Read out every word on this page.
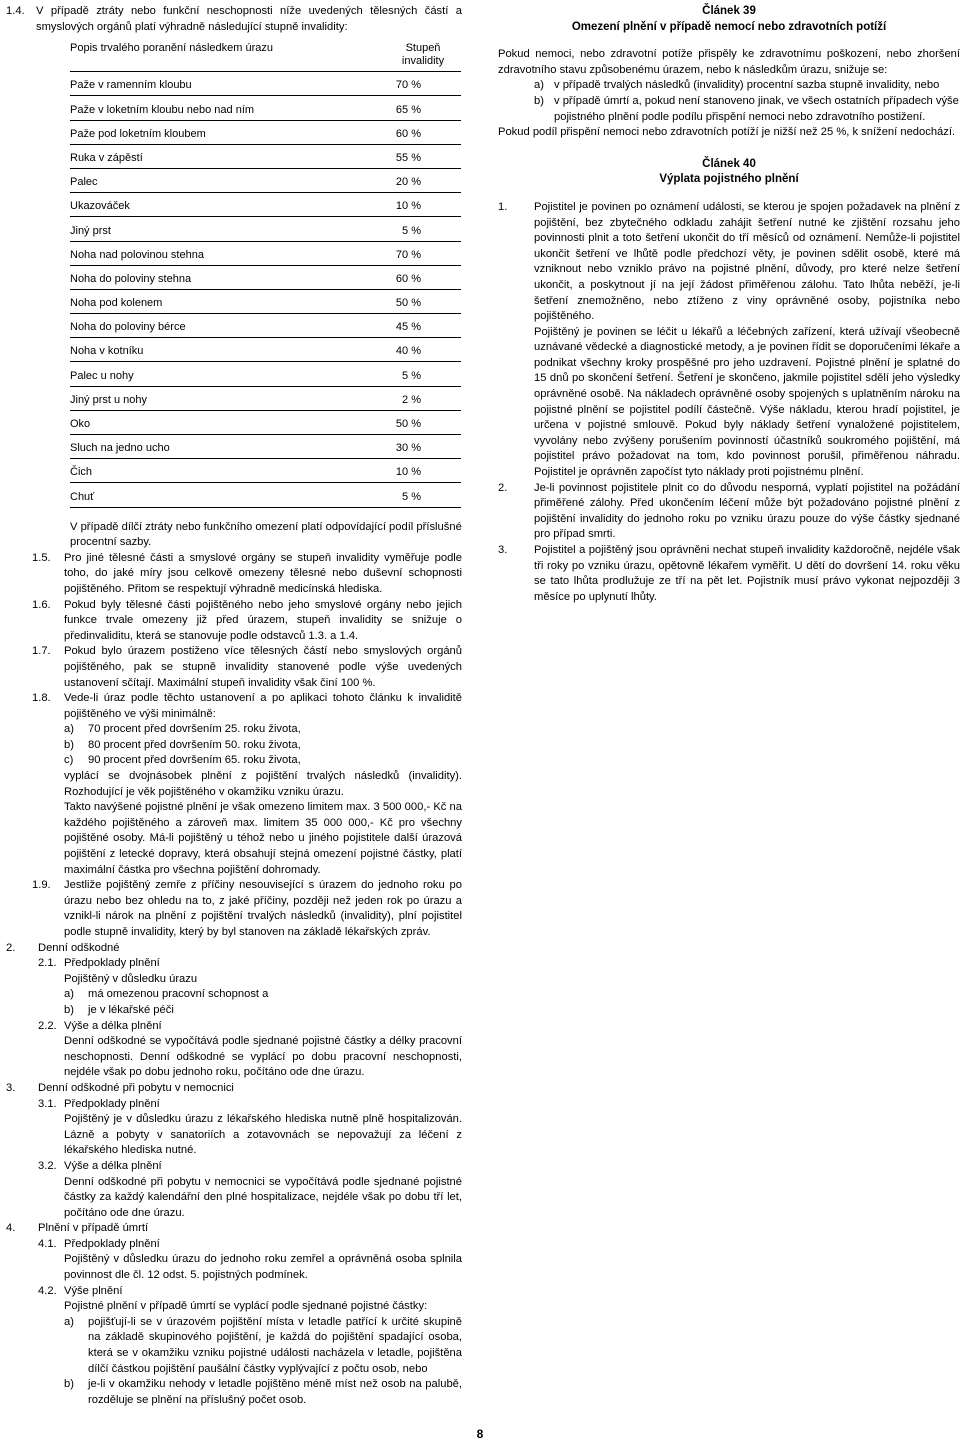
1.4.	V případě ztráty nebo funkční neschopnosti níže uvedených tělesných částí a smyslových orgánů platí výhradně následující stupně invalidity:
Popis trvalého poranění následkem úrazu	Stupeň invalidity
Paže v ramenním kloubu	70 %
Paže v loketním kloubu nebo nad ním	65 %
Paže pod loketním kloubem	60 %
Ruka v zápěstí	55 %
Palec	20 %
Ukazováček	10 %
Jiný prst	5 %
Noha nad polovinou stehna	70 %
Noha do poloviny stehna	60 %
Noha pod kolenem	50 %
Noha do poloviny bérce	45 %
Noha v kotníku	40 %
Palec u nohy	5 %
Jiný prst u nohy	2 %
Oko	50 %
Sluch na jedno ucho	30 %
Čich	10 %
Chuť	5 %

V případě dílčí ztráty nebo funkčního omezení platí odpovídající podíl příslušné procentní sazby.

1.5.	Pro jiné tělesné části a smyslové orgány se stupeň invalidity vyměřuje podle toho, do jaké míry jsou celkově omezeny tělesné nebo duševní schopnosti pojištěného. Přitom se respektují výhradně medicínská hlediska.
1.6.	Pokud byly tělesné části pojištěného nebo jeho smyslové orgány nebo jejich funkce trvale omezeny již před úrazem, stupeň invalidity se snižuje o předinvaliditu, která se stanovuje podle odstavců 1.3. a 1.4.
1.7.	Pokud bylo úrazem postiženo více tělesných částí nebo smyslových orgánů pojištěného, pak se stupně invalidity stanovené podle výše uvedených ustanovení sčítají. Maximální stupeň invalidity však činí 100 %.
1.8.	Vede-li úraz podle těchto ustanovení a po aplikaci tohoto článku k invaliditě pojištěného ve výši minimálně:
a)	70 procent před dovršením 25. roku života,
b)	80 procent před dovršením 50. roku života,
c)	90 procent před dovršením 65. roku života,
vyplácí se dvojnásobek plnění z pojištění trvalých následků (invalidity). Rozhodující je věk pojištěného v okamžiku vzniku úrazu.
Takto navýšené pojistné plnění je však omezeno limitem max. 3 500 000,- Kč na každého pojištěného a zároveň max. limitem 35 000 000,- Kč pro všechny pojištěné osoby. Má-li pojištěný u téhož nebo u jiného pojistitele další úrazová pojištění z letecké dopravy, která obsahují stejná omezení pojistné částky, platí maximální částka pro všechna pojištění dohromady.
1.9.	Jestliže pojištěný zemře z příčiny nesouvisející s úrazem do jednoho roku po úrazu nebo bez ohledu na to, z jaké příčiny, později než jeden rok po úrazu a vznikl-li nárok na plnění z pojištění trvalých následků (invalidity), plní pojistitel podle stupně invalidity, který by byl stanoven na základě lékařských zpráv.
2.	Denní odškodné
2.1. Předpoklady plnění
Pojištěný v důsledku úrazu
a)	má omezenou pracovní schopnost a
b)	je v lékařské péči
2.2. Výše a délka plnění
Denní odškodné se vypočítává podle sjednané pojistné částky a délky pracovní neschopnosti. Denní odškodné se vyplácí po dobu pracovní neschopnosti, nejdéle však po dobu jednoho roku, počítáno ode dne úrazu.
3.	Denní odškodné při pobytu v nemocnici
3.1. Předpoklady plnění
Pojištěný je v důsledku úrazu z lékařského hlediska nutně plně hospitalizován. Lázně a pobyty v sanatoriích a zotavovnách se nepovažují za léčení z lékařského hlediska nutné.
3.2. Výše a délka plnění
Denní odškodné při pobytu v nemocnici se vypočítává podle sjednané pojistné částky za každý kalendářní den plné hospitalizace, nejdéle však po dobu tří let, počítáno ode dne úrazu.
4.	Plnění v případě úmrtí
4.1. Předpoklady plnění
Pojištěný v důsledku úrazu do jednoho roku zemřel a oprávněná osoba splnila povinnost dle čl. 12 odst. 5. pojistných podmínek.
4.2. Výše plnění
Pojistné plnění v případě úmrtí se vyplácí podle sjednané pojistné částky:
a)	pojišťují-li se v úrazovém pojištění místa v letadle patřící k určité skupině na základě skupinového pojištění, je každá do pojištění spadající osoba, která se v okamžiku vzniku pojistné události nacházela v letadle, pojištěna dílčí částkou pojištění paušální částky vyplývající z počtu osob, nebo
b)	je-li v okamžiku nehody v letadle pojištěno méně míst než osob na palubě, rozděluje se plnění na příslušný počet osob.
Článek 39
Omezení plnění v případě nemocí nebo zdravotních potíží

Pokud nemoci, nebo zdravotní potíže přispěly ke zdravotnímu poškození, nebo zhoršení zdravotního stavu způsobenému úrazem, nebo k následkům úrazu, snižuje se:

a) v případě trvalých následků (invalidity) procentní sazba stupně invalidity, nebo
b) v případě úmrtí a, pokud není stanoveno jinak, ve všech ostatních případech výše pojistného plnění podle podílu přispění nemoci nebo zdravotního postižení.

Pokud podíl přispění nemoci nebo zdravotních potíží je nižší než 25 %, k snížení nedochází.

Článek 40
Výplata pojistného plnění
1.	Pojistitel je povinen po oznámení události, se kterou je spojen požadavek na plnění z pojištění, bez zbytečného odkladu zahájit šetření nutné ke zjištění rozsahu jeho povinnosti plnit a toto šetření ukončit do tří měsíců od oznámení. Nemůže-li pojistitel ukončit šetření ve lhůtě podle předchozí věty, je povinen sdělit osobě, které má vzniknout nebo vzniklo právo na pojistné plnění, důvody, pro které nelze šetření ukončit, a poskytnout jí na její žádost přiměřenou zálohu. Tato lhůta neběží, je-li šetření znemožněno, nebo ztíženo z viny oprávněné osoby, pojistníka nebo pojištěného.
Pojištěný je povinen se léčit u lékařů a léčebných zařízení, která užívají všeobecně uznávané vědecké a diagnostické metody, a je povinen řídit se doporučeními lékaře a podnikat všechny kroky prospěšné pro jeho uzdravení. Pojistné plnění je splatné do 15 dnů po skončení šetření. Šetření je skončeno, jakmile pojistitel sdělí jeho výsledky oprávněné osobě. Na nákladech oprávněné osoby spojených s uplatněním nároku na pojistné plnění se pojistitel podílí částečně. Výše nákladu, kterou hradí pojistitel, je určena v pojistné smlouvě. Pokud byly náklady šetření vynaložené pojistitelem, vyvolány nebo zvýšeny porušením povinností účastníků soukromého pojištění, má pojistitel právo požadovat na tom, kdo povinnost porušil, přiměřenou náhradu. Pojistitel je oprávněn započíst tyto náklady proti pojistnému plnění.
2.	Je-li povinnost pojistitele plnit co do důvodu nesporná, vyplatí pojistitel na požádání přiměřené zálohy. Před ukončením léčení může být požadováno pojistné plnění z pojištění invalidity do jednoho roku po vzniku úrazu pouze do výše částky sjednané pro případ smrti.
3.	Pojistitel a pojištěný jsou oprávněni nechat stupeň invalidity každoročně, nejdéle však tři roky po vzniku úrazu, opětovně lékařem vyměřit. U dětí do dovršení 14. roku věku se tato lhůta prodlužuje ze tří na pět let. Pojistník musí právo vykonat nejpozději 3 měsíce po uplynutí lhůty.
8
